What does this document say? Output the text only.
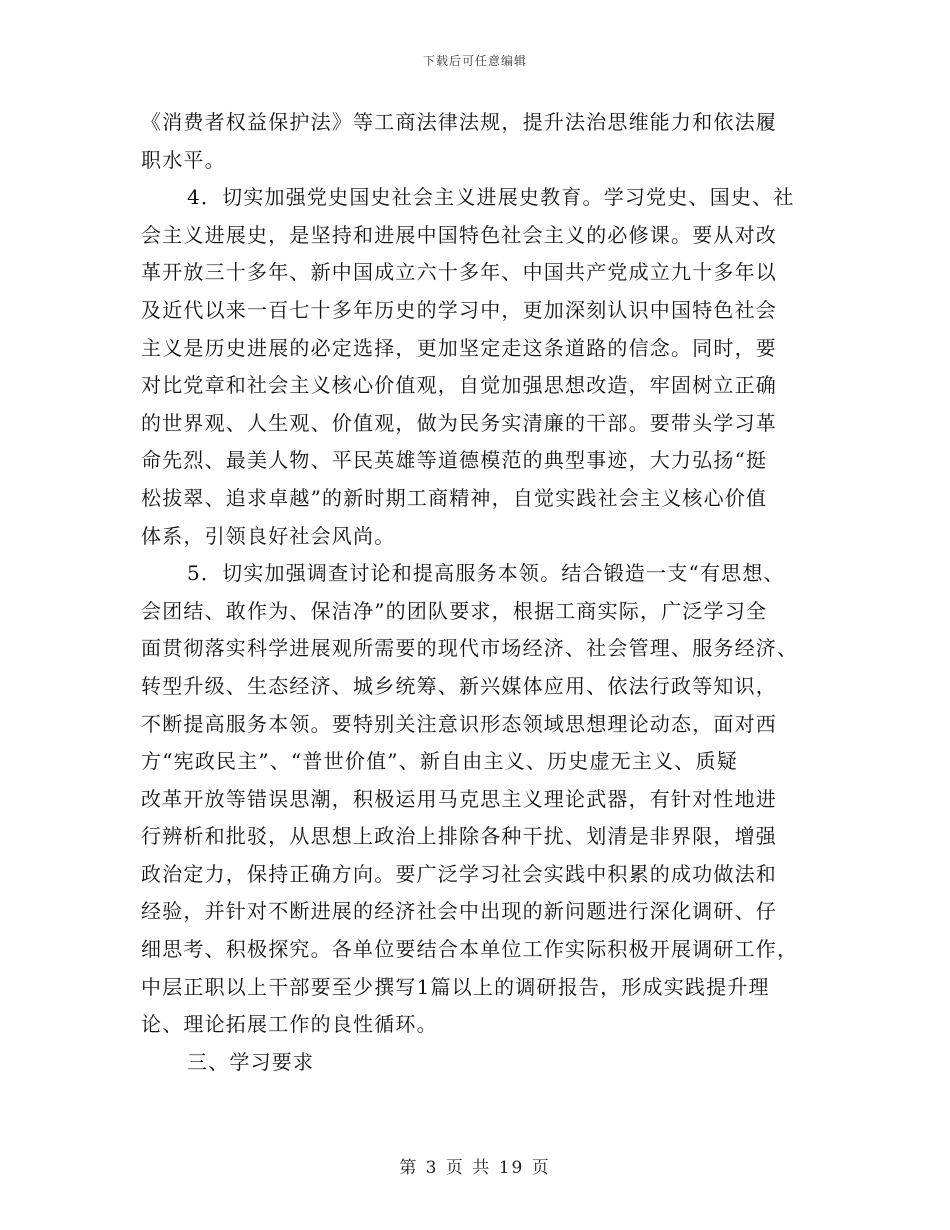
下载后可任意编辑
《消费者权益保护法》等工商法律法规，提升法治思维能力和依法履
职水平。
4．切实加强党史国史社会主义进展史教育。学习党史、国史、社
会主义进展史，是坚持和进展中国特色社会主义的必修课。要从对改
革开放三十多年、新中国成立六十多年、中国共产党成立九十多年以
及近代以来一百七十多年历史的学习中，更加深刻认识中国特色社会
主义是历史进展的必定选择，更加坚定走这条道路的信念。同时，要
对比党章和社会主义核心价值观，自觉加强思想改造，牢固树立正确
的世界观、人生观、价值观，做为民务实清廉的干部。要带头学习革
命先烈、最美人物、平民英雄等道德模范的典型事迹，大力弘扬“挺
松拔翠、追求卓越”的新时期工商精神，自觉实践社会主义核心价值
体系，引领良好社会风尚。
5．切实加强调查讨论和提高服务本领。结合锻造一支“有思想、
会团结、敢作为、保洁净”的团队要求，根据工商实际，广泛学习全
面贯彻落实科学进展观所需要的现代市场经济、社会管理、服务经济、
转型升级、生态经济、城乡统筹、新兴媒体应用、依法行政等知识，
不断提高服务本领。要特别关注意识形态领域思想理论动态，面对西
方“宪政民主”、“普世价值”、新自由主义、历史虚无主义、质疑
改革开放等错误思潮，积极运用马克思主义理论武器，有针对性地进
行辨析和批驳，从思想上政治上排除各种干扰、划清是非界限，增强
政治定力，保持正确方向。要广泛学习社会实践中积累的成功做法和
经验，并针对不断进展的经济社会中出现的新问题进行深化调研、仔
细思考、积极探究。各单位要结合本单位工作实际积极开展调研工作，
中层正职以上干部要至少撰写1篇以上的调研报告，形成实践提升理
论、理论拓展工作的良性循环。
三、学习要求
第 3 页 共 19 页
